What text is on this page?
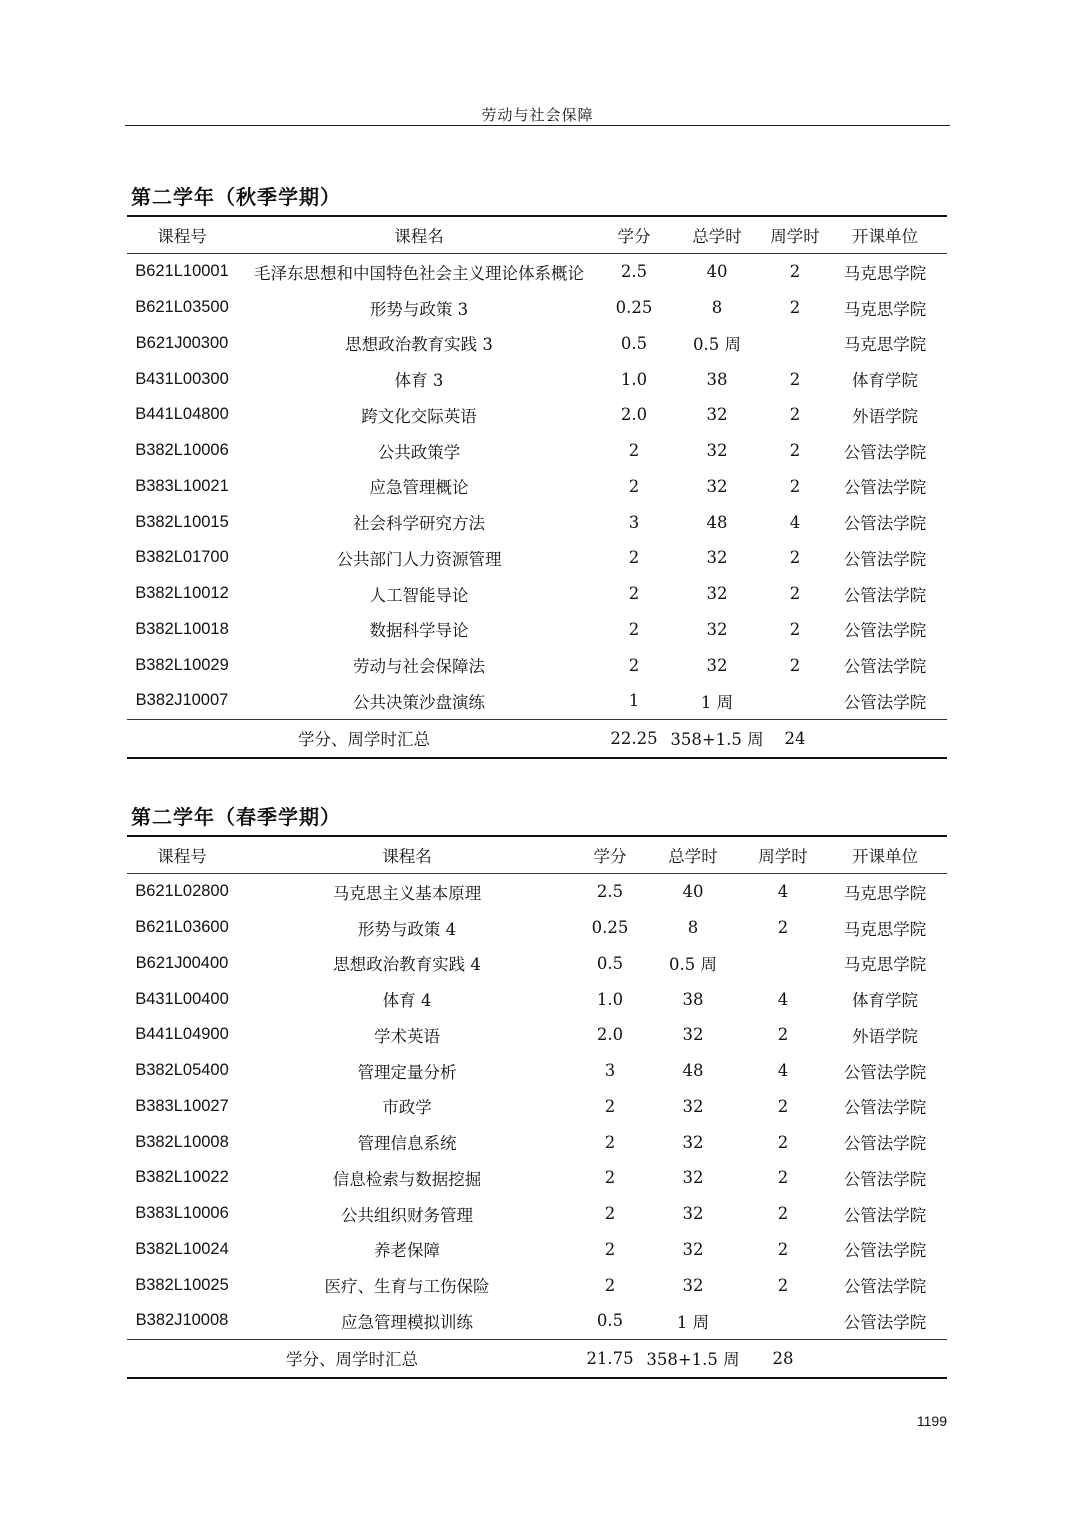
劳动与社会保障
第二学年（秋季学期）
课程号	课程名	学分	总学时	周学时	开课单位
B621L10001	毛泽东思想和中国特色社会主义理论体系概论	2.5	40	2	马克思学院
B621L03500	形势与政策 3	0.25	8	2	马克思学院
B621J00300	思想政治教育实践 3	0.5	0.5 周		马克思学院
B431L00300	体育 3	1.0	38	2	体育学院
B441L04800	跨文化交际英语	2.0	32	2	外语学院
B382L10006	公共政策学	2	32	2	公管法学院
B383L10021	应急管理概论	2	32	2	公管法学院
B382L10015	社会科学研究方法	3	48	4	公管法学院
B382L01700	公共部门人力资源管理	2	32	2	公管法学院
B382L10012	人工智能导论	2	32	2	公管法学院
B382L10018	数据科学导论	2	32	2	公管法学院
B382L10029	劳动与社会保障法	2	32	2	公管法学院
B382J10007	公共决策沙盘演练	1	1 周		公管法学院
学分、周学时汇总		22.25	358+1.5 周	24	
第二学年（春季学期）
课程号	课程名	学分	总学时	周学时	开课单位
B621L02800	马克思主义基本原理	2.5	40	4	马克思学院
B621L03600	形势与政策 4	0.25	8	2	马克思学院
B621J00400	思想政治教育实践 4	0.5	0.5 周		马克思学院
B431L00400	体育 4	1.0	38	4	体育学院
B441L04900	学术英语	2.0	32	2	外语学院
B382L05400	管理定量分析	3	48	4	公管法学院
B383L10027	市政学	2	32	2	公管法学院
B382L10008	管理信息系统	2	32	2	公管法学院
B382L10022	信息检索与数据挖掘	2	32	2	公管法学院
B383L10006	公共组织财务管理	2	32	2	公管法学院
B382L10024	养老保障	2	32	2	公管法学院
B382L10025	医疗、生育与工伤保险	2	32	2	公管法学院
B382J10008	应急管理模拟训练	0.5	1 周		公管法学院
学分、周学时汇总		21.75	358+1.5 周	28	
1199
